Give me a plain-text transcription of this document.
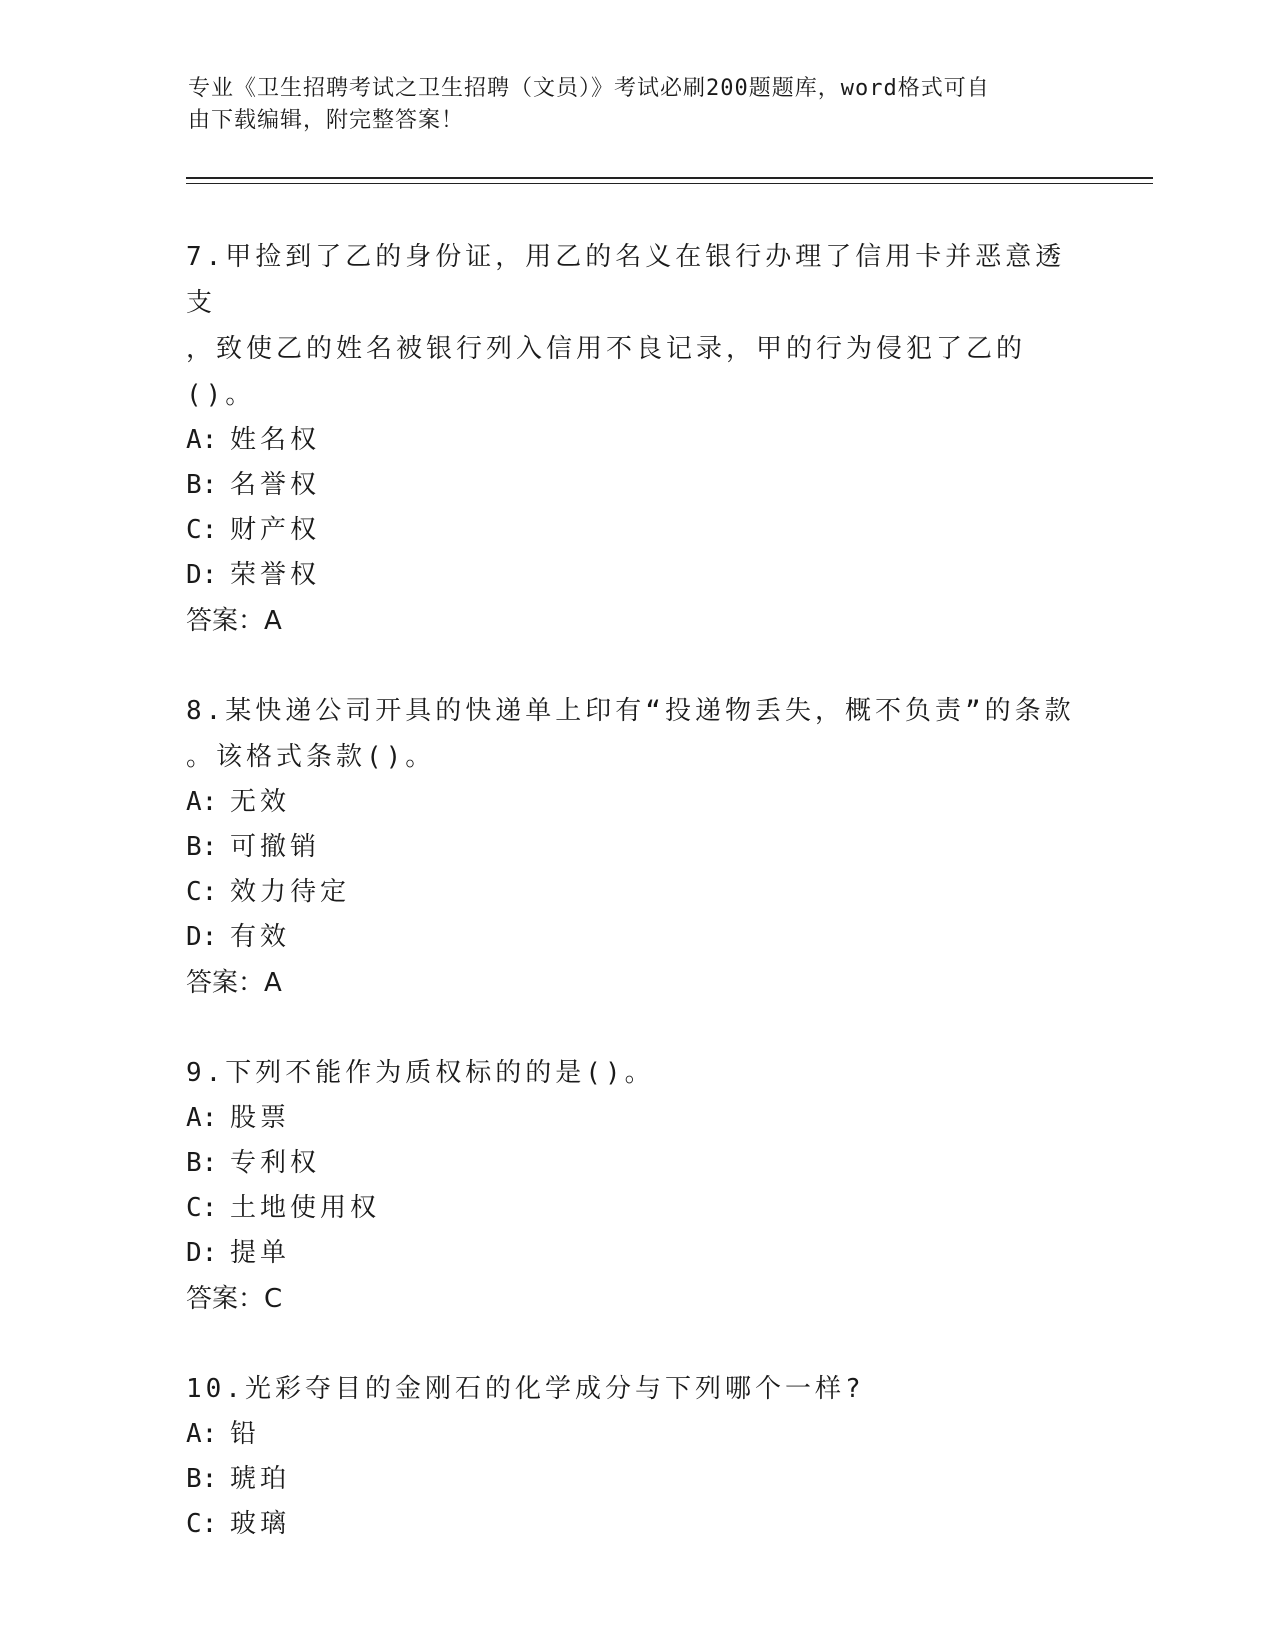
专业《卫生招聘考试之卫生招聘（文员）》考试必刷200题题库，word格式可自
由下载编辑，附完整答案！

7.甲捡到了乙的身份证，用乙的名义在银行办理了信用卡并恶意透支

，致使乙的姓名被银行列入信用不良记录，甲的行为侵犯了乙的()。

A: 姓名权

B: 名誉权

C: 财产权

D: 荣誉权

答案：A

8.某快递公司开具的快递单上印有“投递物丢失，概不负责”的条款

。该格式条款()。

A: 无效

B: 可撤销

C: 效力待定

D: 有效

答案：A

9.下列不能作为质权标的的是()。

A: 股票

B: 专利权

C: 土地使用权

D: 提单

答案：C

10.光彩夺目的金刚石的化学成分与下列哪个一样?

A: 铅

B: 琥珀

C: 玻璃
